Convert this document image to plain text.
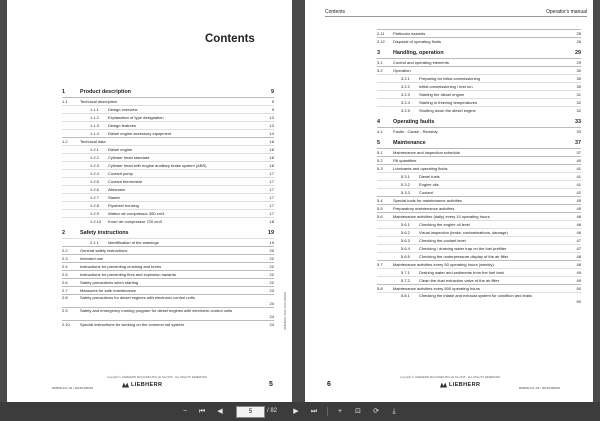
Contents
1	Product description	9
1.1	Technical description	9
1.1.1 Design overview	9
1.1.2 Explanation of type designation	13
1.1.3 Design features	13
1.1.4 Diesel engine accessory equipment	14
1.2	Technical data	16
1.2.1 Diesel engine	16
1.2.2 Cylinder head standard	16
1.2.3 Cylinder head with engine auxiliary brake system (ABS)	16
1.2.4 Coolant pump	17
1.2.5 Coolant thermostat	17
1.2.6 Alternator	17
1.2.7 Starter	17
1.2.8 Flywheel housing	17
1.2.9 Wabco air compressor 360 cm3	17
1.2.10 Knorr air compressor 720 cm3	18
2	Safety instructions	19
2.1.1 Identification of the warnings	19
2.2	General safety instructions	20
2.3	Intended use	22
2.4	Instructions for preventing crushing and burns	22
2.5	Instructions for preventing fires and explosion hazards	22
2.6	Safety precautions when starting	22
2.7	Measures for safe maintenance	23
2.8	Safety precautions for diesel engines with electronic control units
24
2.9	Safety and emergency running program for diesel engines with electronic control units
24
2.10	Special instructions for working on the common rail system	24	LIEBHERR / DOC 2015-1400001
copyright © LIEBHERR MACHINES BULLE SA 2015 · ALL RIGHTS RESERVED
DM508-A7L-04 / 20151400001	LIEBHERR	5
Contents	Operator's manual
2.11 Particular hazards	25
2.12 Disposal of operating fluids	26
3 Handling, operation	29
3.1	Control and operating elements	29
3.2	Operation	30
3.2.1 Preparing for initial commissioning	30
3.2.2 Initial commissioning / test run	30
3.2.3 Starting the diesel engine	31
3.2.4 Starting in freezing temperatures	32
3.2.5 Shutting down the diesel engine	32
4 Operating faults	33
4.1	Faults - Cause - Remedy	33
5 Maintenance	37
5.1	Maintenance and inspection schedule	37
5.2	Fill quantities	40
5.3	Lubricants and operating fluids	41
5.3.1 Diesel fuels	41
5.3.2 Engine oils	41
5.3.3 Coolant	42
5.4	Special tools for maintenance activities	45
5.5	Preparatory maintenance activities	45
5.6	Maintenance activities (daily) every 10 operating hours	46
5.6.1 Checking the engine oil level	46
5.6.2 Visual inspection (leaks, contaminations, damage)	46
5.6.3 Checking the coolant level	47
5.6.4 Checking / draining water trap on the fuel prefilter	47
5.6.5 Checking the underpressure display of the air filter	48
5.7	Maintenance activities every 50 operating hours (weekly)	48
5.7.1 Draining water and sediments from the fuel tank	49
5.7.2 Clean the dust extraction valve of the air filter	49
5.8	Maintenance activities every 500 operating hours	50
5.8.1 Checking the intake and exhaust system for condition and leaks
50
copyright © LIEBHERR MACHINES BULLE SA 2015 · ALL RIGHTS RESERVED
6	LIEBHERR	DM508-A7L-04 / 20151400001
−	⏮	◀	5	/ 82	▶	⏭	+	⊡	⟳	⤓
